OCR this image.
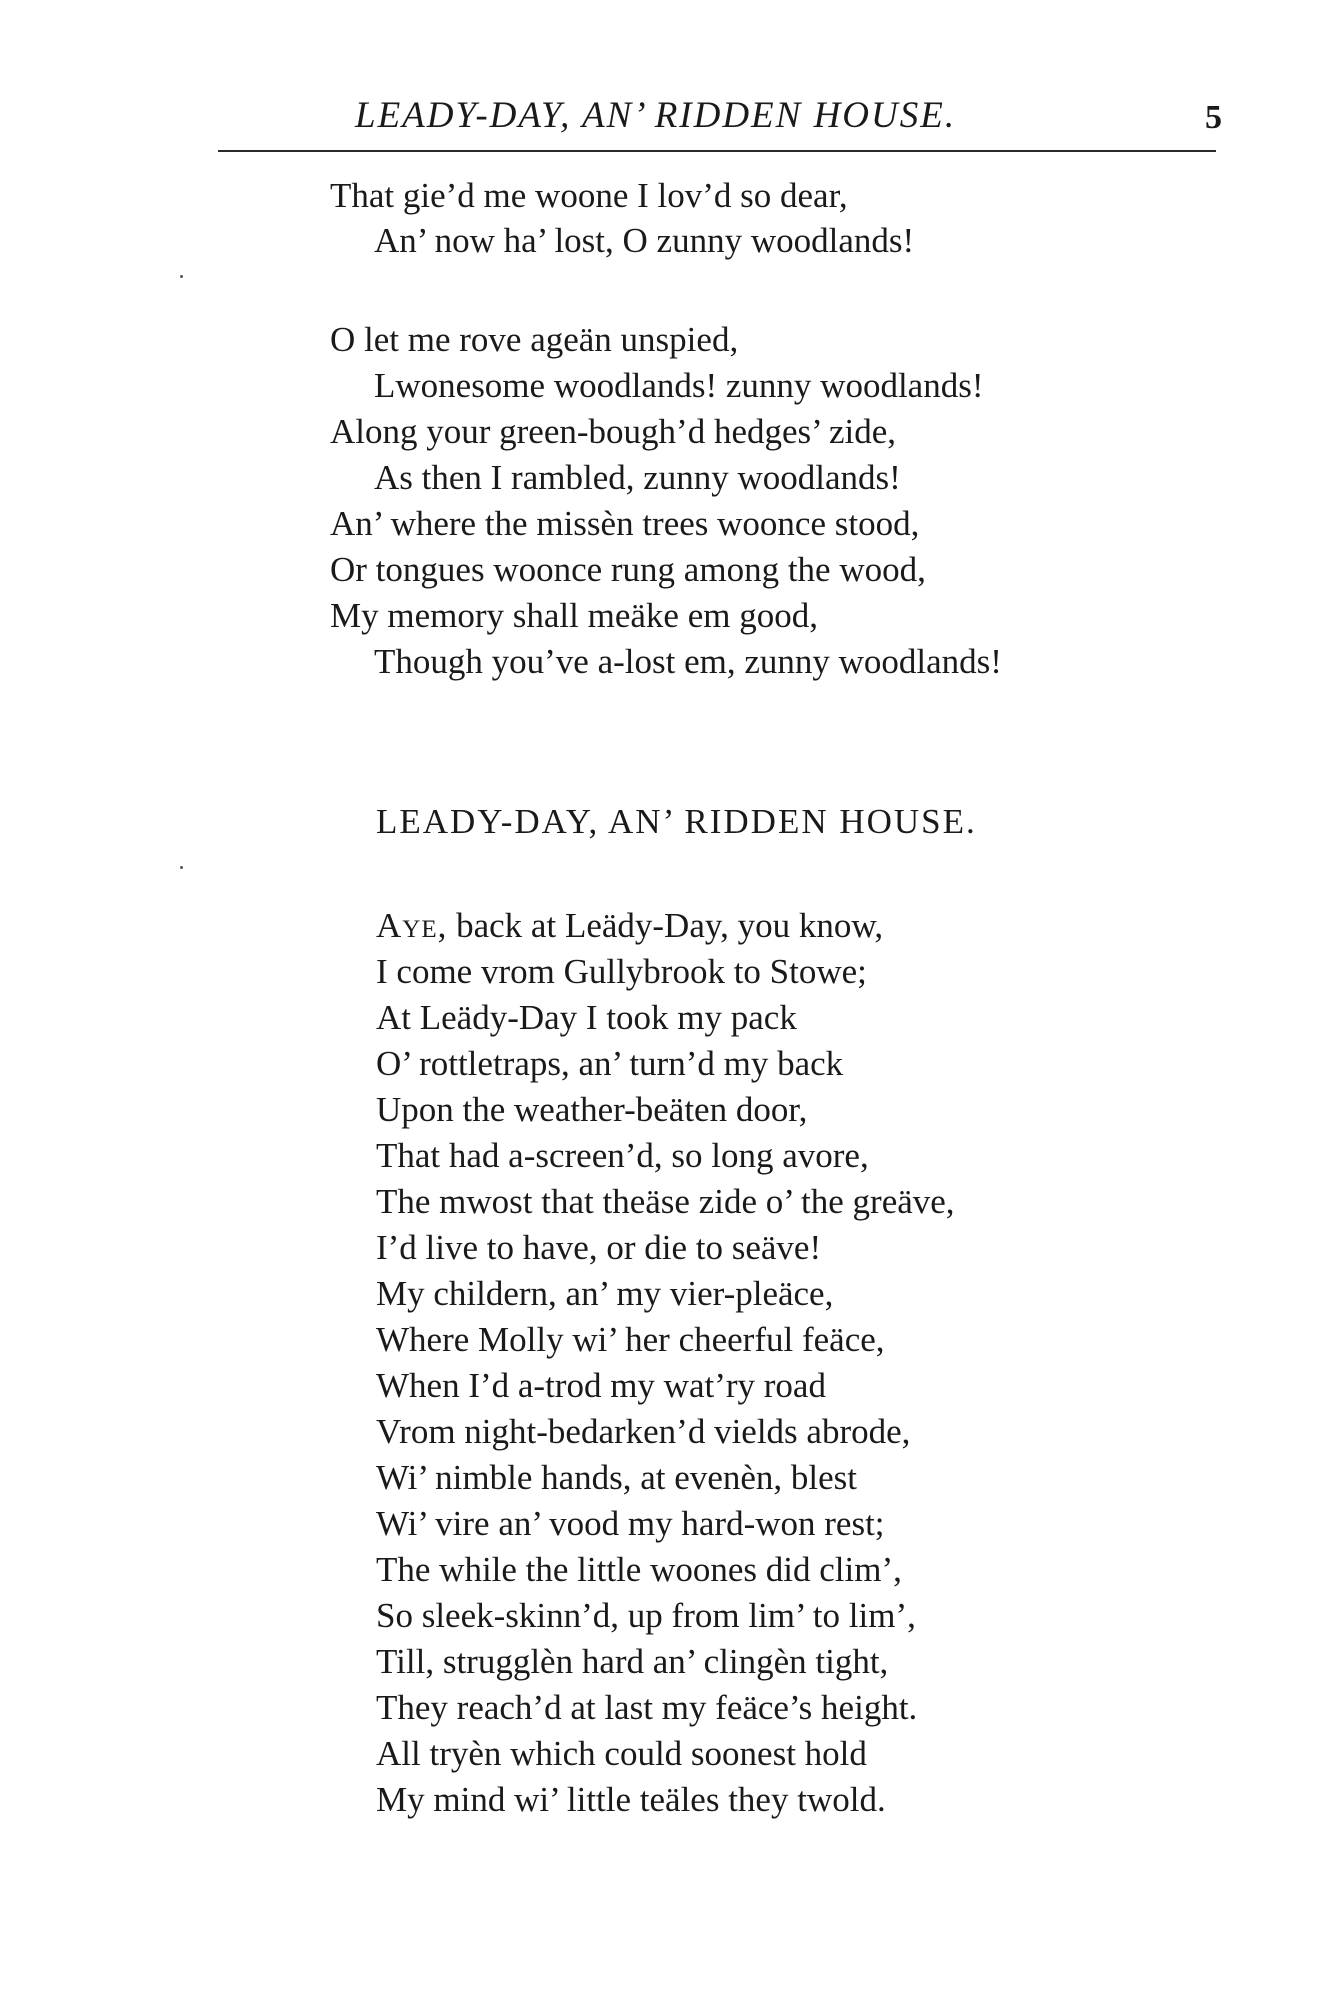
LEADY-DAY, AN’ RIDDEN HOUSE.	5
That gie’d me woone I lov’d so dear,
An’ now ha’ lost, O zunny woodlands!
O let me rove ageän unspied,
Lwonesome woodlands! zunny woodlands!
Along your green-bough’d hedges’ zide,
As then I rambled, zunny woodlands!
An’ where the missèn trees woonce stood,
Or tongues woonce rung among the wood,
My memory shall meäke em good,
Though you’ve a-lost em, zunny woodlands!
LEADY-DAY, AN’ RIDDEN HOUSE.
Aye, back at Leädy-Day, you know,
I come vrom Gullybrook to Stowe;
At Leädy-Day I took my pack
O’ rottletraps, an’ turn’d my back
Upon the weather-beäten door,
That had a-screen’d, so long avore,
The mwost that theäse zide o’ the greäve,
I’d live to have, or die to seäve!
My childern, an’ my vier-pleäce,
Where Molly wi’ her cheerful feäce,
When I’d a-trod my wat’ry road
Vrom night-bedarken’d vields abrode,
Wi’ nimble hands, at evenèn, blest
Wi’ vire an’ vood my hard-won rest;
The while the little woones did clim’,
So sleek-skinn’d, up from lim’ to lim’,
Till, strugglèn hard an’ clingèn tight,
They reach’d at last my feäce’s height.
All tryèn which could soonest hold
My mind wi’ little teäles they twold.
